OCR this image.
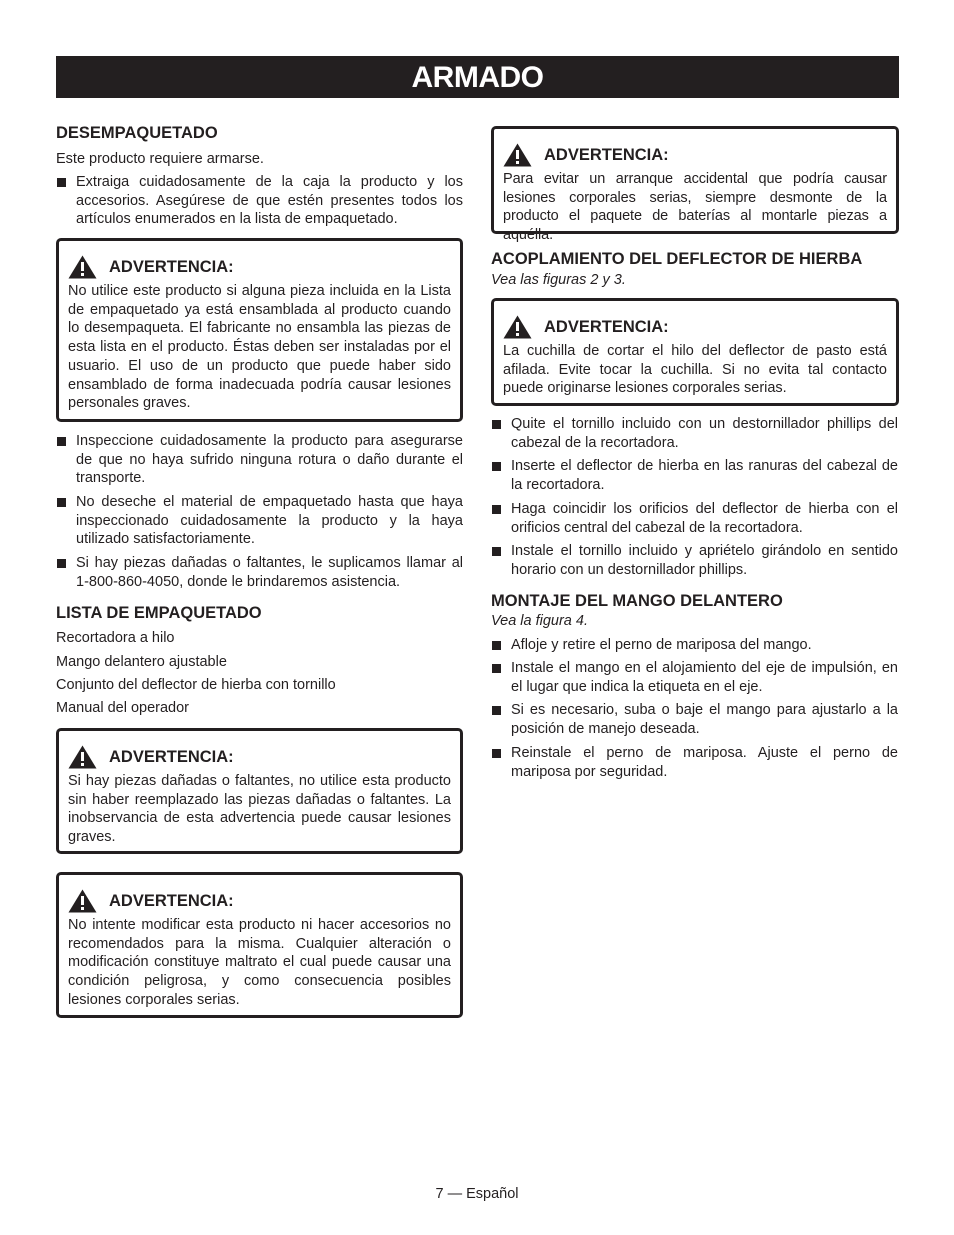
ARMADO
DESEMPAQUETADO
Este producto requiere armarse.
Extraiga cuidadosamente de la caja la producto y los accesorios. Asegúrese de que estén presentes todos los artículos enumerados en la lista de empaquetado.
ADVERTENCIA:
No utilice este producto si alguna pieza incluida en la Lista de empaquetado ya está ensamblada al producto cuando lo desempaqueta. El fabricante no ensambla las piezas de esta lista en el producto. Éstas deben ser instaladas por el usuario. El uso de un producto que puede haber sido ensamblado de forma inadecuada podría causar lesiones personales graves.
Inspeccione cuidadosamente la producto para asegurarse de que no haya sufrido ninguna rotura o daño durante el transporte.
No deseche el material de empaquetado hasta que haya inspeccionado cuidadosamente la producto y la haya utilizado satisfactoriamente.
Si hay piezas dañadas o faltantes, le suplicamos llamar al 1-800-860-4050, donde le brindaremos asistencia.
LISTA DE EMPAQUETADO
Recortadora a hilo
Mango delantero ajustable
Conjunto del deflector de hierba con tornillo
Manual del operador
ADVERTENCIA:
Si hay piezas dañadas o faltantes, no utilice esta producto sin haber reemplazado las piezas dañadas o faltantes. La inobservancia de esta advertencia puede causar lesiones graves.
ADVERTENCIA:
No intente modificar esta producto ni hacer accesorios no recomendados para la misma. Cualquier alteración o modificación constituye maltrato el cual puede causar una condición peligrosa, y como consecuencia posibles lesiones corporales serias.
ADVERTENCIA:
Para evitar un arranque accidental que podría causar lesiones corporales serias, siempre desmonte de la producto el paquete de baterías al montarle piezas a aquélla.
ACOPLAMIENTO DEL DEFLECTOR DE HIERBA
Vea las figuras 2 y 3.
ADVERTENCIA:
La cuchilla de cortar el hilo del deflector de pasto está afilada. Evite tocar la cuchilla. Si no evita tal contacto puede originarse lesiones corporales serias.
Quite el tornillo incluido con un destornillador phillips del cabezal de la recortadora.
Inserte el deflector de hierba en las ranuras del cabezal de la recortadora.
Haga coincidir los orificios del deflector de hierba con el orificios central del cabezal de la recortadora.
Instale el tornillo incluido y apriételo girándolo en sentido horario con un destornillador phillips.
MONTAJE DEL MANGO DELANTERO
Vea la figura 4.
Afloje y retire el perno de mariposa del mango.
Instale el mango en el alojamiento del eje de impulsión, en el lugar que indica la etiqueta en el eje.
Si es necesario, suba o baje el mango para ajustarlo a la posición de manejo deseada.
Reinstale el perno de mariposa. Ajuste el perno de mariposa por seguridad.
7 — Español
